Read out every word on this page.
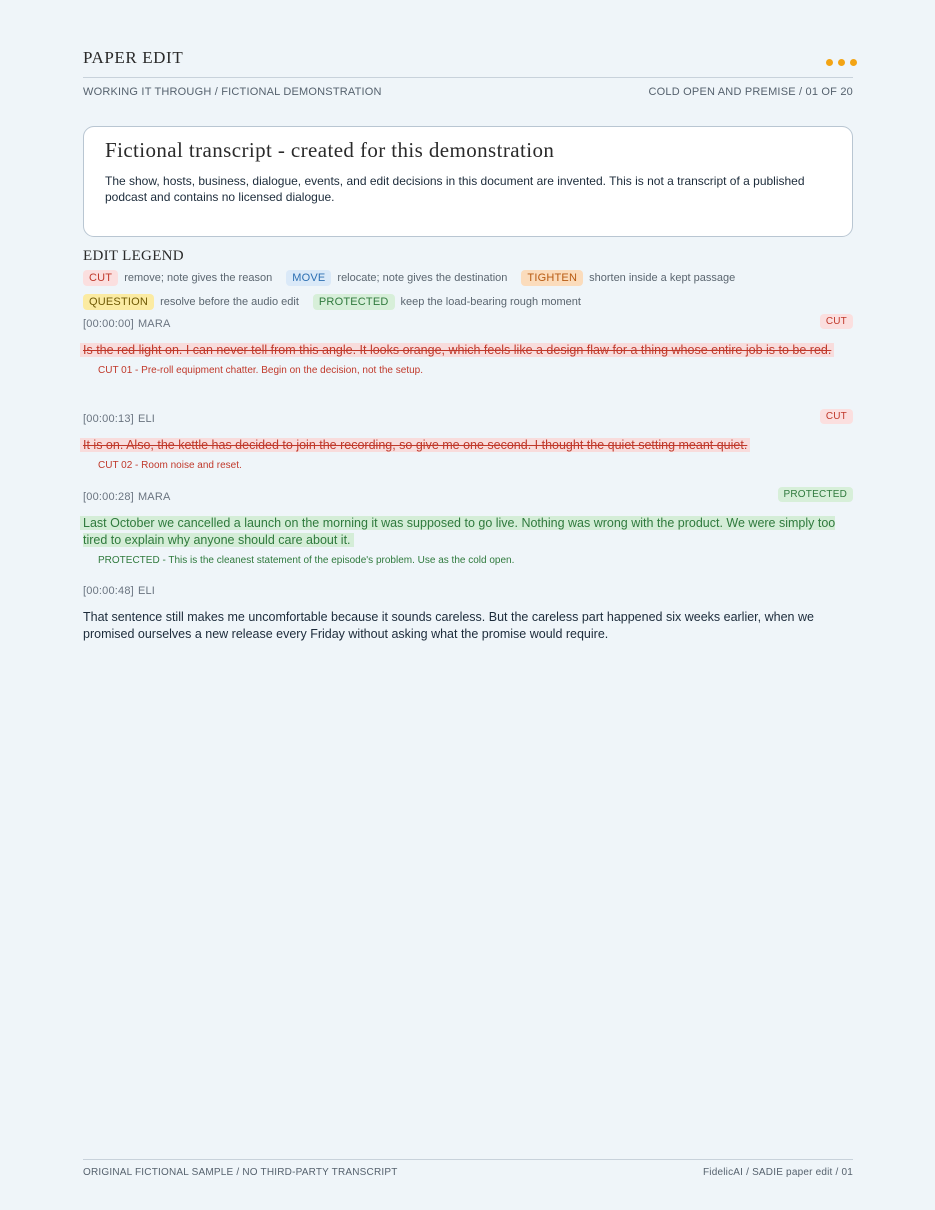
PAPER EDIT
WORKING IT THROUGH / FICTIONAL DEMONSTRATION	COLD OPEN AND PREMISE / 01 OF 20
Fictional transcript - created for this demonstration

The show, hosts, business, dialogue, events, and edit decisions in this document are invented. This is not a transcript of a published podcast and contains no licensed dialogue.

EDIT LEGEND
CUT remove; note gives the reason MOVE relocate; note gives the destination TIGHTEN shorten inside a kept passage
QUESTION resolve before the audio edit PROTECTED keep the load-bearing rough moment
[00:00:00] MARA	CUT
Is the red light on. I can never tell from this angle. It looks orange, which feels like a design flaw for a thing whose entire job is to be red.
CUT 01 - Pre-roll equipment chatter. Begin on the decision, not the setup.
[00:00:13] ELI	CUT
It is on. Also, the kettle has decided to join the recording, so give me one second. I thought the quiet setting meant quiet.
CUT 02 - Room noise and reset.
[00:00:28] MARA	PROTECTED
Last October we cancelled a launch on the morning it was supposed to go live. Nothing was wrong with the product. We were simply too tired to explain why anyone should care about it.
PROTECTED - This is the cleanest statement of the episode's problem. Use as the cold open.
[00:00:48] ELI
That sentence still makes me uncomfortable because it sounds careless. But the careless part happened six weeks earlier, when we promised ourselves a new release every Friday without asking what the promise would require.
ORIGINAL FICTIONAL SAMPLE / NO THIRD-PARTY TRANSCRIPT	FidelicAI / SADIE paper edit / 01
